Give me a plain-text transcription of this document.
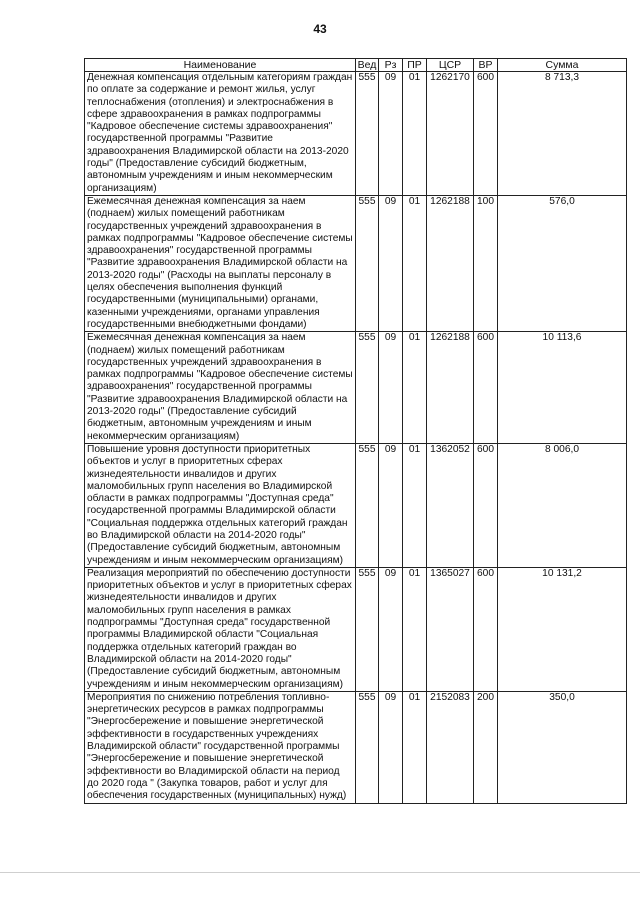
43
Наименование	Вед	Рз	ПР	ЦСР	ВР	Сумма
Денежная компенсация отдельным категориям граждан по оплате за содержание и ремонт жилья, услуг теплоснабжения (отопления) и электроснабжения в сфере здравоохранения в рамках подпрограммы "Кадровое обеспечение системы здравоохранения" государственной программы "Развитие здравоохранения Владимирской области на 2013-2020 годы" (Предоставление субсидий бюджетным, автономным учреждениям и иным некоммерческим организациям)	555	09	01	1262170	600	8 713,3
Ежемесячная денежная компенсация за наем (поднаем) жилых помещений работникам государственных учреждений здравоохранения в рамках подпрограммы "Кадровое обеспечение системы здравоохранения" государственной программы "Развитие здравоохранения Владимирской области на 2013-2020 годы" (Расходы на выплаты персоналу в целях обеспечения выполнения функций государственными (муниципальными) органами, казенными учреждениями, органами управления государственными внебюджетными фондами)	555	09	01	1262188	100	576,0
Ежемесячная денежная компенсация за наем (поднаем) жилых помещений работникам государственных учреждений здравоохранения в рамках подпрограммы "Кадровое обеспечение системы здравоохранения" государственной программы "Развитие здравоохранения Владимирской области на 2013-2020 годы" (Предоставление субсидий бюджетным, автономным учреждениям и иным некоммерческим организациям)	555	09	01	1262188	600	10 113,6
Повышение уровня доступности приоритетных объектов и услуг в приоритетных сферах жизнедеятельности инвалидов и других маломобильных групп населения во Владимирской области в рамках подпрограммы "Доступная среда" государственной программы Владимирской области "Социальная поддержка отдельных категорий граждан во Владимирской области на 2014-2020 годы" (Предоставление субсидий бюджетным, автономным учреждениям и иным некоммерческим организациям)	555	09	01	1362052	600	8 006,0
Реализация мероприятий по обеспечению доступности приоритетных объектов и услуг в приоритетных сферах жизнедеятельности инвалидов и других маломобильных групп населения в рамках подпрограммы "Доступная среда" государственной программы Владимирской области "Социальная поддержка отдельных категорий граждан во Владимирской области на 2014-2020 годы" (Предоставление субсидий бюджетным, автономным учреждениям и иным некоммерческим организациям)	555	09	01	1365027	600	10 131,2
Мероприятия по снижению потребления топливно-энергетических ресурсов в рамках подпрограммы "Энергосбережение и повышение энергетической эффективности в государственных учреждениях Владимирской области" государственной программы "Энергосбережение и повышение энергетической эффективности во Владимирской области на период до 2020 года " (Закупка товаров, работ и услуг для обеспечения государственных (муниципальных) нужд)	555	09	01	2152083	200	350,0
